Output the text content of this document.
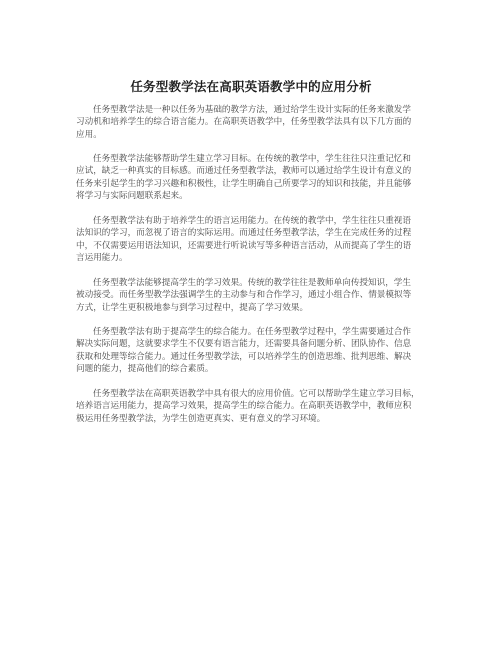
任务型教学法在高职英语教学中的应用分析
任务型教学法是一种以任务为基础的教学方法，通过给学生设计实际的任务来激发学
习动机和培养学生的综合语言能力。在高职英语教学中，任务型教学法具有以下几方面的
应用。
任务型教学法能够帮助学生建立学习目标。在传统的教学中，学生往往只注重记忆和
应试，缺乏一种真实的目标感。而通过任务型教学法，教师可以通过给学生设计有意义的
任务来引起学生的学习兴趣和积极性，让学生明确自己所要学习的知识和技能，并且能够
将学习与实际问题联系起来。
任务型教学法有助于培养学生的语言运用能力。在传统的教学中，学生往往只重视语
法知识的学习，而忽视了语言的实际运用。而通过任务型教学法，学生在完成任务的过程
中，不仅需要运用语法知识，还需要进行听说读写等多种语言活动，从而提高了学生的语
言运用能力。
任务型教学法能够提高学生的学习效果。传统的教学往往是教师单向传授知识，学生
被动接受。而任务型教学法强调学生的主动参与和合作学习，通过小组合作、情景模拟等
方式，让学生更积极地参与到学习过程中，提高了学习效果。
任务型教学法有助于提高学生的综合能力。在任务型教学过程中，学生需要通过合作
解决实际问题，这就要求学生不仅要有语言能力，还需要具备问题分析、团队协作、信息
获取和处理等综合能力。通过任务型教学法，可以培养学生的创造思维、批判思维、解决
问题的能力，提高他们的综合素质。
任务型教学法在高职英语教学中具有很大的应用价值。它可以帮助学生建立学习目标，
培养语言运用能力，提高学习效果，提高学生的综合能力。在高职英语教学中，教师应积
极运用任务型教学法，为学生创造更真实、更有意义的学习环境。
